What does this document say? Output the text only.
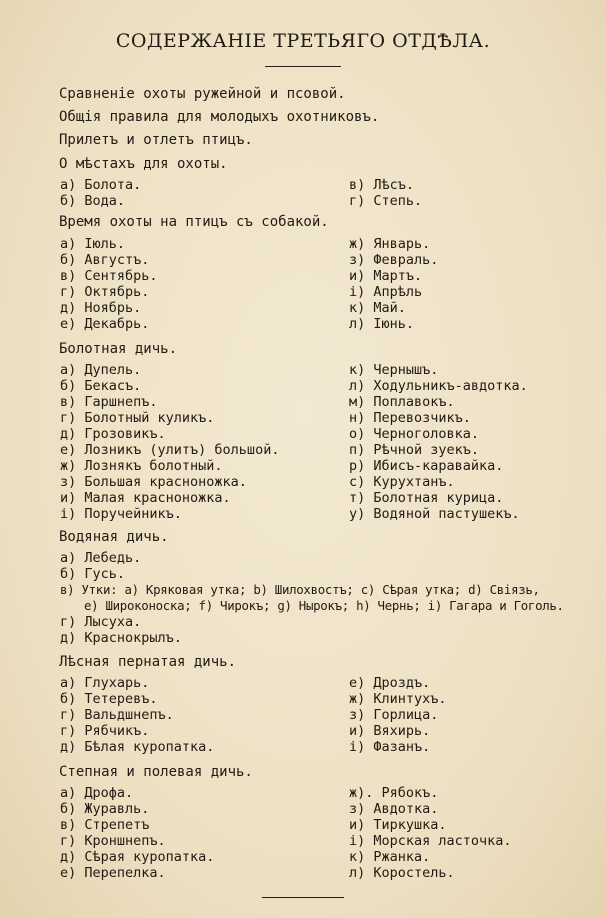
СОДЕРЖАНІЕ ТРЕТЬЯГО ОТДѢЛА.
Сравненіе охоты ружейной и псовой.
Общія правила для молодыхъ охотниковъ.
Прилетъ и отлетъ птицъ.
О мѣстахъ для охоты.
а) Болота.
б) Вода.
в) Лѣсъ.
г) Степь.
Время охоты на птицъ съ собакой.
а) Іюль.
б) Августъ.
в) Сентябрь.
г) Октябрь.
д) Ноябрь.
е) Декабрь.
ж) Январь.
з) Февраль.
и) Мартъ.
і) Апрѣль
к) Май.
л) Іюнь.
Болотная дичь.
а) Дупель.
б) Бекасъ.
в) Гаршнепъ.
г) Болотный куликъ.
д) Грозовикъ.
е) Лозникъ (улитъ) большой.
ж) Лознякъ болотный.
з) Большая красноножка.
и) Малая красноножка.
і) Поручейникъ.
к) Чернышъ.
л) Ходульникъ-авдотка.
м) Поплавокъ.
н) Перевозчикъ.
о) Черноголовка.
п) Рѣчной зуекъ.
р) Ибисъ-каравайка.
с) Курухтанъ.
т) Болотная курица.
у) Водяной пастушекъ.
Водяная дичь.
а) Лебедь.
б) Гусь.
в) Утки: а) Кряковая утка; b) Шилохвостъ; с) Сѣрая утка; d) Свіязь,
е) Широконоска; f) Чирокъ; g) Нырокъ; h) Чернь; i) Гагара и Гоголь.
г) Лысуха.
д) Краснокрылъ.
Лѣсная пернатая дичь.
а) Глухарь.
б) Тетеревъ.
г) Вальдшнепъ.
г) Рябчикъ.
д) Бѣлая куропатка.
е) Дроздъ.
ж) Клинтухъ.
з) Горлица.
и) Вяхирь.
і) Фазанъ.
Степная и полевая дичь.
а) Дрофа.
б) Журавль.
в) Стрепетъ
г) Кроншнепъ.
д) Сѣрая куропатка.
е) Перепелка.
ж). Рябокъ.
з) Авдотка.
и) Тиркушка.
і) Морская ласточка.
к) Ржанка.
л) Коростель.
